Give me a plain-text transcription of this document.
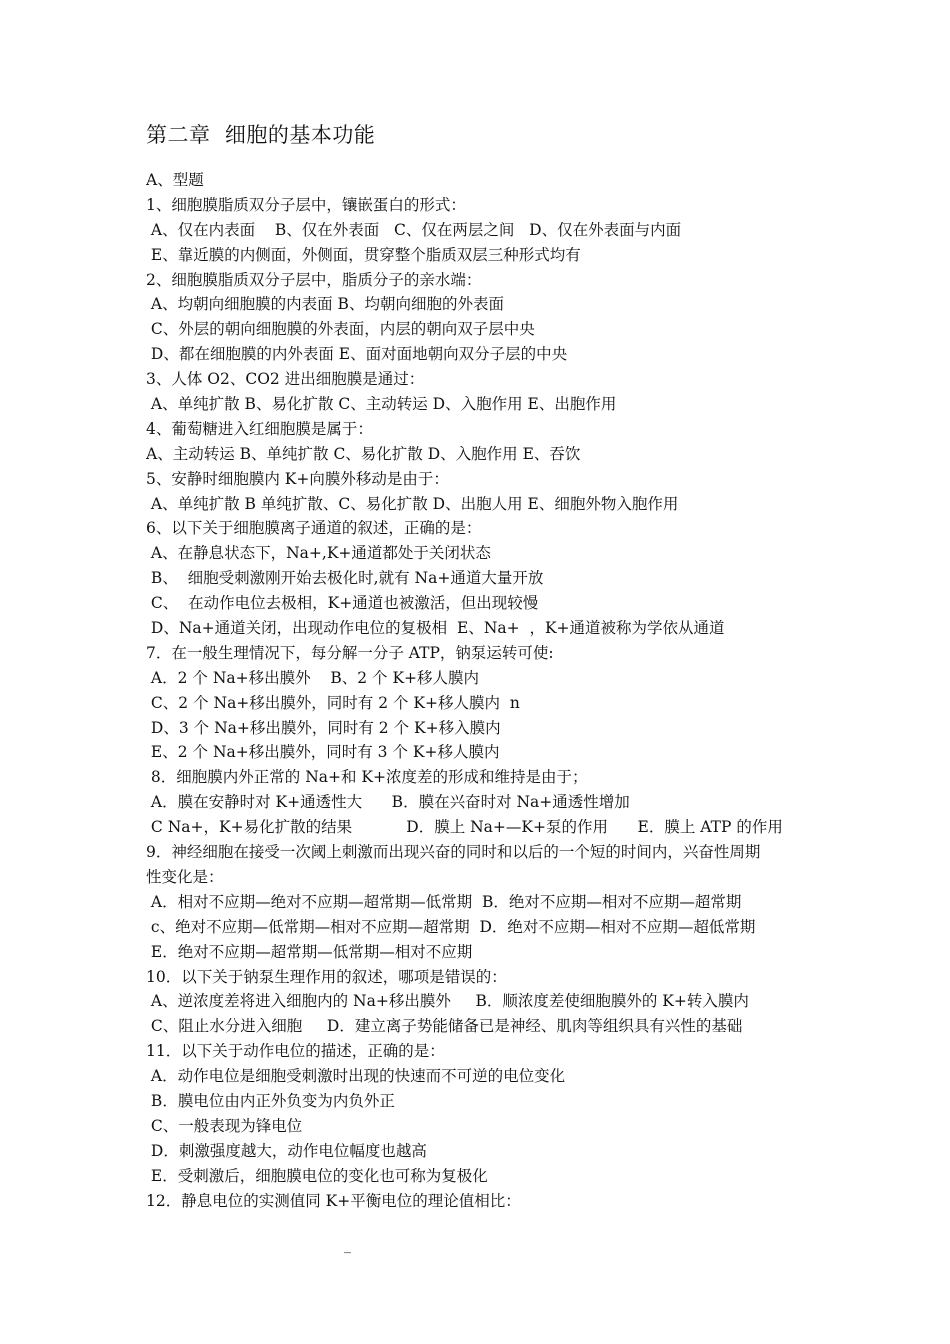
第二章  细胞的基本功能
A、型题
1、细胞膜脂质双分子层中，镶嵌蛋白的形式：
A、仅在内表面    B、仅在外表面   C、仅在两层之间   D、仅在外表面与内面
E、靠近膜的内侧面，外侧面，贯穿整个脂质双层三种形式均有
2、细胞膜脂质双分子层中，脂质分子的亲水端：
A、均朝向细胞膜的内表面 B、均朝向细胞的外表面
C、外层的朝向细胞膜的外表面，内层的朝向双子层中央
D、都在细胞膜的内外表面 E、面对面地朝向双分子层的中央
3、人体 O2、CO2 进出细胞膜是通过：
A、单纯扩散 B、易化扩散 C、主动转运 D、入胞作用 E、出胞作用
4、葡萄糖进入红细胞膜是属于：
A、主动转运 B、单纯扩散 C、易化扩散 D、入胞作用 E、吞饮
5、安静时细胞膜内 K+向膜外移动是由于：
A、单纯扩散 B 单纯扩散、C、易化扩散 D、出胞人用 E、细胞外物入胞作用
6、以下关于细胞膜离子通道的叙述，正确的是：
A、在静息状态下，Na+,K+通道都处于关闭状态
B、  细胞受刺激刚开始去极化时,就有 Na+通道大量开放
C、  在动作电位去极相，K+通道也被激活，但出现较慢
D、Na+通道关闭，出现动作电位的复极相  E、Na+  ，K+通道被称为学依从通道
7．在一般生理情况下，每分解一分子 ATP，钠泵运转可使:
A．2 个 Na+移出膜外    B、2 个 K+移人膜内
C、2 个 Na+移出膜外，同时有 2 个 K+移人膜内  n
D、3 个 Na+移出膜外，同时有 2 个 K+移入膜内
E、2 个 Na+移出膜外，同时有 3 个 K+移人膜内
8．细胞膜内外正常的 Na+和 K+浓度差的形成和维持是由于；
A．膜在安静时对 K+通透性大      B．膜在兴奋时对 Na+通透性增加
C Na+，K+易化扩散的结果           D．膜上 Na+—K+泵的作用      E．膜上 ATP 的作用
9．神经细胞在接受一次阈上刺激而出现兴奋的同时和以后的一个短的时间内，兴奋性周期
性变化是：
A．相对不应期—绝对不应期—超常期—低常期  B．绝对不应期—相对不应期—超常期
c、绝对不应期—低常期—相对不应期—超常期  D．绝对不应期—相对不应期—超低常期
E．绝对不应期—超常期—低常期—相对不应期
10．以下关于钠泵生理作用的叙述，哪项是错误的：
A、逆浓度差将进入细胞内的 Na+移出膜外     B．顺浓度差使细胞膜外的 K+转入膜内
C、阻止水分进入细胞     D．建立离子势能储备已是神经、肌肉等组织具有兴性的基础
11．以下关于动作电位的描述，正确的是：
A．动作电位是细胞受刺激时出现的快速而不可逆的电位变化
B．膜电位由内正外负变为内负外正
C、一般表现为锋电位
D．刺激强度越大，动作电位幅度也越高
E．受刺激后，细胞膜电位的变化也可称为复极化
12．静息电位的实测值同 K+平衡电位的理论值相比：
_
